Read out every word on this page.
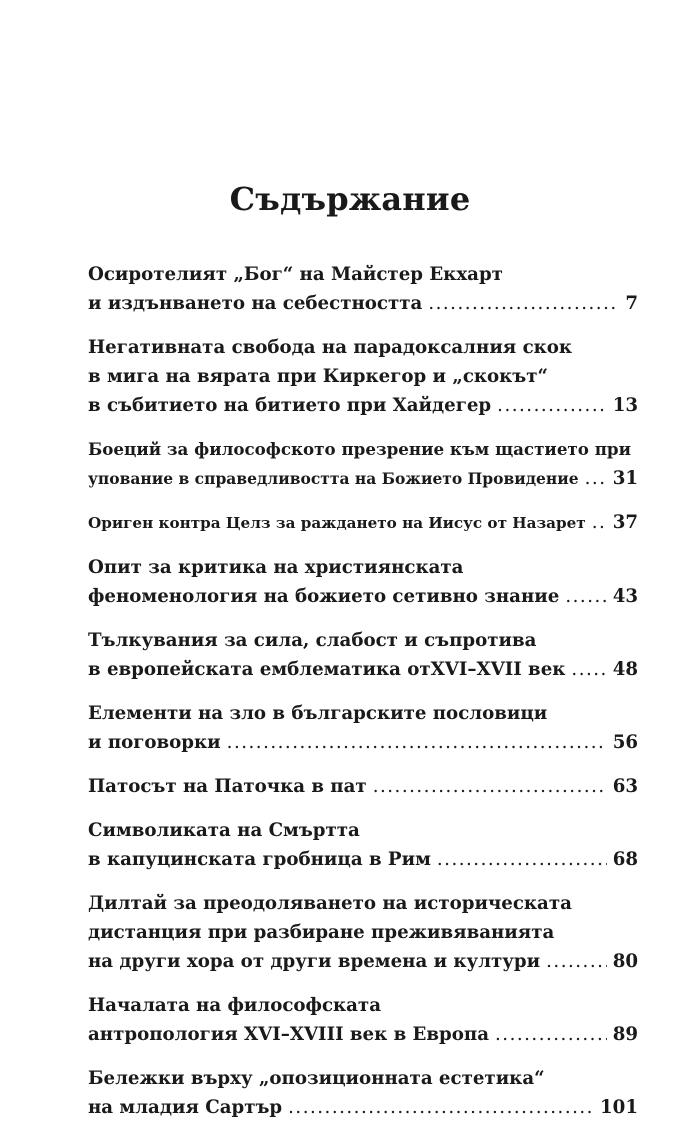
Съдържание
Осиротелият „Бог“ на Майстер Екхарт
и издънването на себестността .....	7
Негативната свобода на парадоксалния скок
в мига на вярата при Киркегор и „скокът“
в събитието на битието при Хайдегер .....	13
Боеций за философското презрение към щастието при
упование в справедливостта на Божието Провидение .....	31
Ориген контра Целз за раждането на Иисус от Назарет .....	37
Опит за критика на християнската
феноменология на божието сетивно знание .....	43
Тълкувания за сила, слабост и съпротива
в европейската емблематика отXVI–XVII век .....	48
Елементи на зло в българските пословици
и поговорки .....	56
Патосът на Паточка в пат .....	63
Символиката на Смъртта
в капуцинската гробница в Рим .....	68
Дилтай за преодоляването на историческата
дистанция при разбиране преживяванията
на други хора от други времена и култури .....	80
Началата на философската
антропология XVI–XVIII век в Европа .....	89
Бележки върху „опозиционната естетика“
на младия Сартър .....	101
